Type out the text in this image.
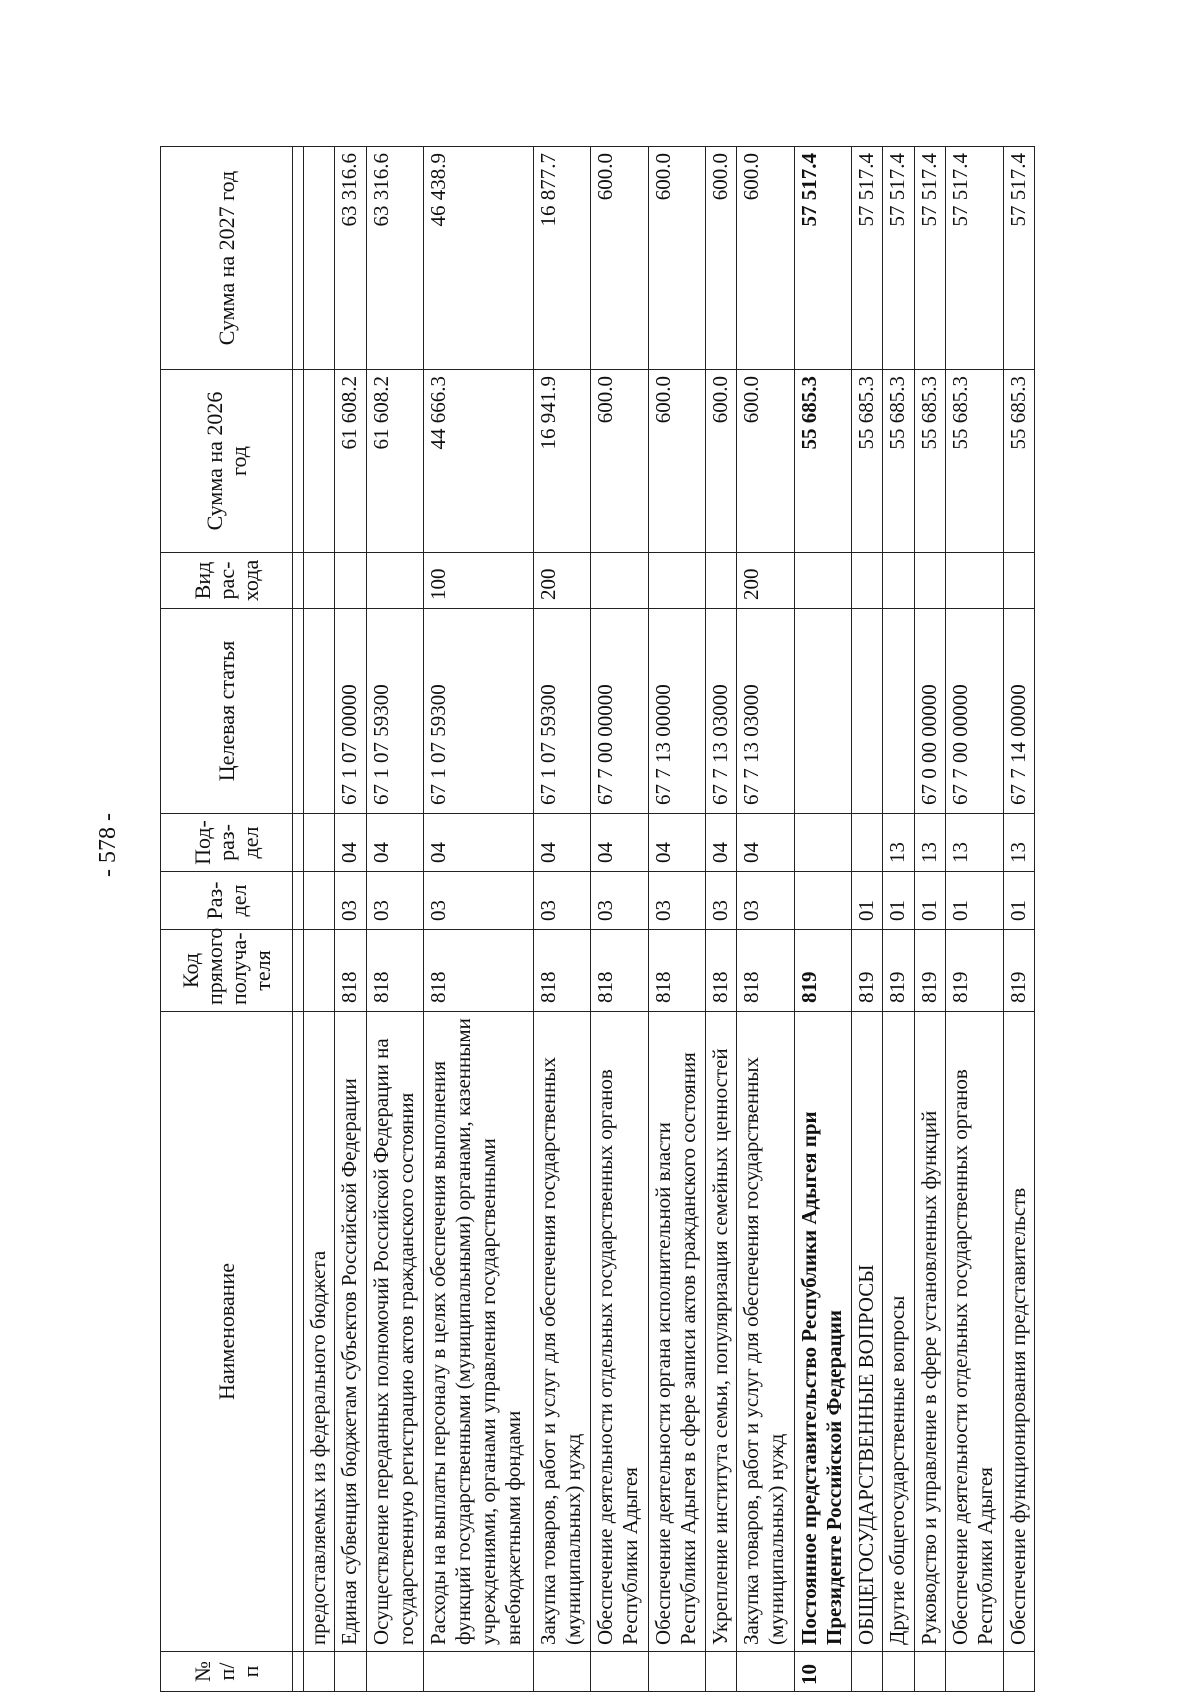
- 578 -
№ п/п	Наименование	Код прямого получа-теля	Раз-дел	Под-раз-дел	Целевая статья	Вид рас-хода	Сумма на 2026 год	Сумма на 2027 год

	предоставляемых из федерального бюджета							
	Единая субвенция бюджетам субъектов Российской Федерации	818	03	04	67 1 07 00000		61 608.2	63 316.6
	Осуществление переданных полномочий Российской Федерации на государственную регистрацию актов гражданского состояния	818	03	04	67 1 07 59300		61 608.2	63 316.6
	Расходы на выплаты персоналу в целях обеспечения выполнения функций государственными (муниципальными) органами, казенными учреждениями, органами управления государственными внебюджетными фондами	818	03	04	67 1 07 59300	100	44 666.3	46 438.9
	Закупка товаров, работ и услуг для обеспечения государственных (муниципальных) нужд	818	03	04	67 1 07 59300	200	16 941.9	16 877.7
	Обеспечение деятельности отдельных государственных органов Республики Адыгея	818	03	04	67 7 00 00000		600.0	600.0
	Обеспечение деятельности органа исполнительной власти Республики Адыгея в сфере записи актов гражданского состояния	818	03	04	67 7 13 00000		600.0	600.0
	Укрепление института семьи, популяризация семейных ценностей	818	03	04	67 7 13 03000		600.0	600.0
	Закупка товаров, работ и услуг для обеспечения государственных (муниципальных) нужд	818	03	04	67 7 13 03000	200	600.0	600.0
10	Постоянное представительство Республики Адыгея при Президенте Российской Федерации	819					55 685.3	57 517.4
	ОБЩЕГОСУДАРСТВЕННЫЕ ВОПРОСЫ	819	01				55 685.3	57 517.4
	Другие общегосударственные вопросы	819	01	13			55 685.3	57 517.4
	Руководство и управление в сфере установленных функций	819	01	13	67 0 00 00000		55 685.3	57 517.4
	Обеспечение деятельности отдельных государственных органов Республики Адыгея	819	01	13	67 7 00 00000		55 685.3	57 517.4
	Обеспечение функционирования представительств	819	01	13	67 7 14 00000		55 685.3	57 517.4
